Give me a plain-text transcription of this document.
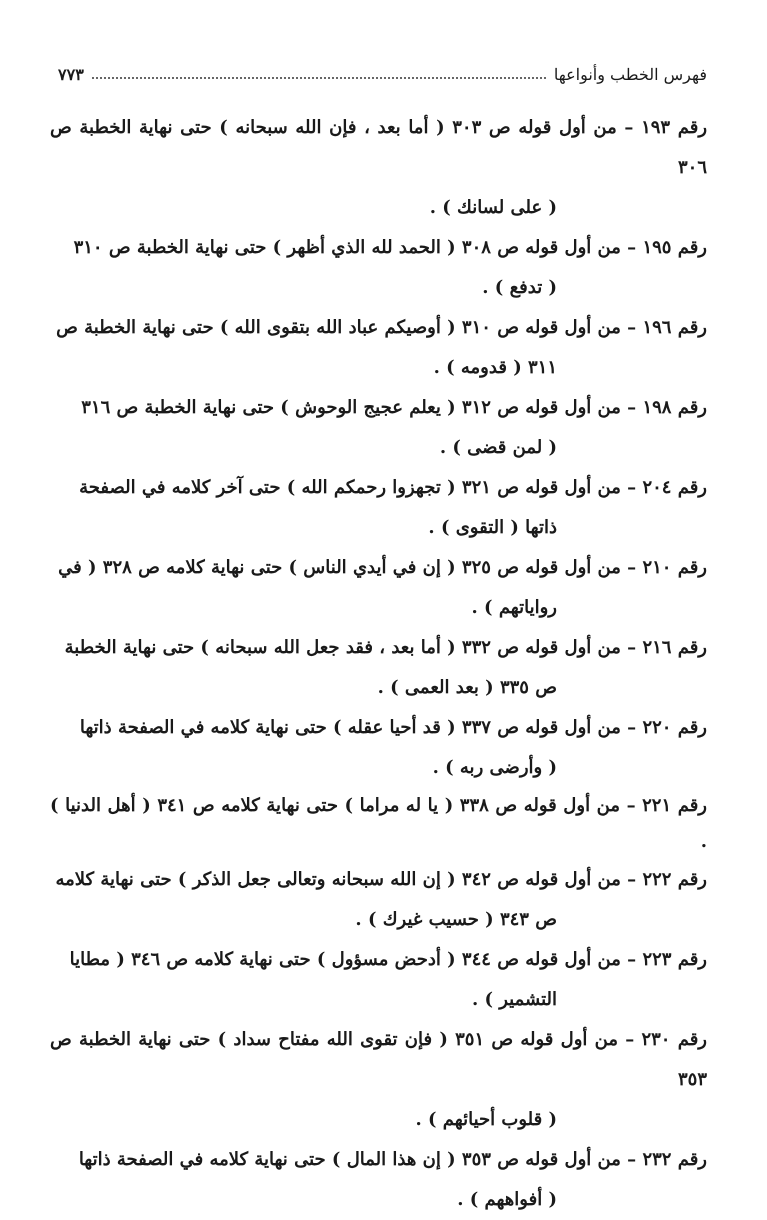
فهرس الخطب وأنواعها
٧٧٣
رقم ١٩٣ – من أول قوله ص ٣٠٣ ( أما بعد ، فإن الله سبحانه ) حتى نهاية الخطبة ص ٣٠٦
( على لسانك ) .
رقم ١٩٥ – من أول قوله ص ٣٠٨ ( الحمد لله الذي أظهر ) حتى نهاية الخطبة ص ٣١٠
( تدفع ) .
رقم ١٩٦ – من أول قوله ص ٣١٠ ( أوصيكم عباد الله بتقوى الله ) حتى نهاية الخطبة ص
٣١١ ( قدومه ) .
رقم ١٩٨ – من أول قوله ص ٣١٢ ( يعلم عجيج الوحوش ) حتى نهاية الخطبة ص ٣١٦
( لمن قضى ) .
رقم ٢٠٤ – من أول قوله ص ٣٢١ ( تجهزوا رحمكم الله ) حتى آخر كلامه في الصفحة
ذاتها ( التقوى ) .
رقم ٢١٠ – من أول قوله ص ٣٢٥ ( إن في أيدي الناس ) حتى نهاية كلامه ص ٣٢٨ ( في
رواياتهم ) .
رقم ٢١٦ – من أول قوله ص ٣٣٢ ( أما بعد ، فقد جعل الله سبحانه ) حتى نهاية الخطبة
ص ٣٣٥ ( بعد العمى ) .
رقم ٢٢٠ – من أول قوله ص ٣٣٧ ( قد أحيا عقله ) حتى نهاية كلامه في الصفحة ذاتها
( وأرضى ربه ) .
رقم ٢٢١ – من أول قوله ص ٣٣٨ ( يا له مراما ) حتى نهاية كلامه ص ٣٤١ ( أهل الدنيا ) .
رقم ٢٢٢ – من أول قوله ص ٣٤٢ ( إن الله سبحانه وتعالى جعل الذكر ) حتى نهاية كلامه
ص ٣٤٣ ( حسيب غيرك ) .
رقم ٢٢٣ – من أول قوله ص ٣٤٤ ( أدحض مسؤول ) حتى نهاية كلامه ص ٣٤٦ ( مطايا
التشمير ) .
رقم ٢٣٠ – من أول قوله ص ٣٥١ ( فإن تقوى الله مفتاح سداد ) حتى نهاية الخطبة ص ٣٥٣
( قلوب أحيائهم ) .
رقم ٢٣٢ – من أول قوله ص ٣٥٣ ( إن هذا المال ) حتى نهاية كلامه في الصفحة ذاتها
( أفواههم ) .
